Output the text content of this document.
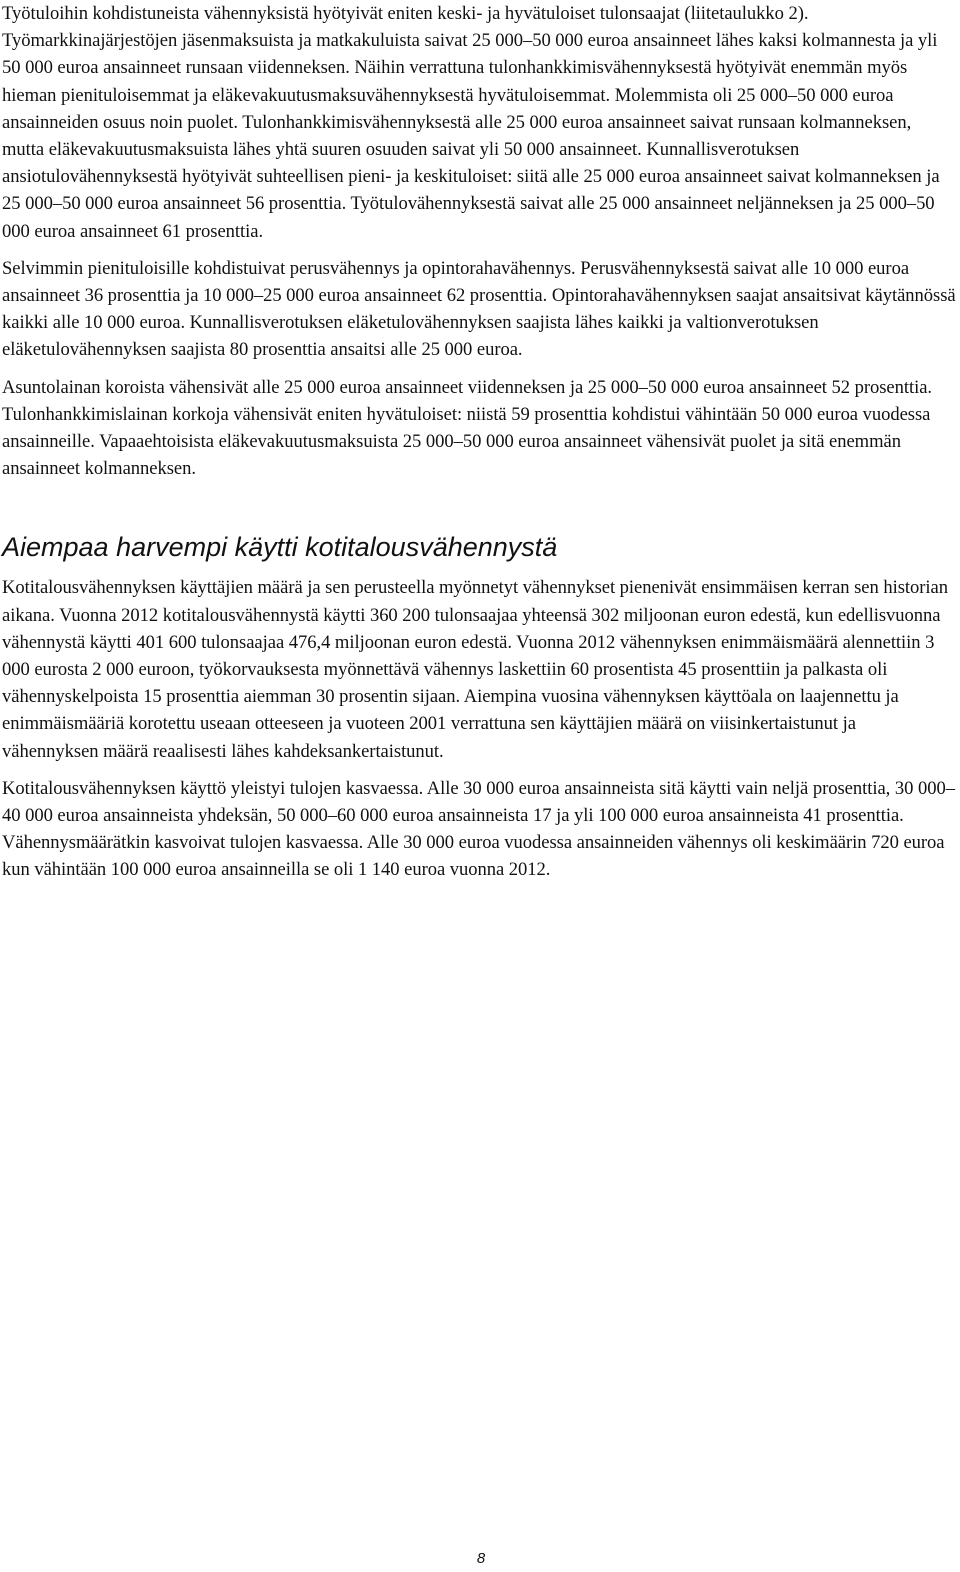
Työtuloihin kohdistuneista vähennyksistä hyötyivät eniten keski- ja hyvätuloiset tulonsaajat (liitetaulukko 2). Työmarkkinajärjestöjen jäsenmaksuista ja matkakuluista saivat 25 000–50 000 euroa ansainneet lähes kaksi kolmannesta ja yli 50 000 euroa ansainneet runsaan viidenneksen. Näihin verrattuna tulonhankkimisvähennyksestä hyötyivät enemmän myös hieman pienituloisemmat ja eläkevakuutusmaksuvähennyksestä hyvätuloisemmat. Molemmista oli 25 000–50 000 euroa ansainneiden osuus noin puolet. Tulonhankkimisvähennyksestä alle 25 000 euroa ansainneet saivat runsaan kolmanneksen, mutta eläkevakuutusmaksuista lähes yhtä suuren osuuden saivat yli 50 000 ansainneet. Kunnallisverotuksen ansiotulovähennyksestä hyötyivät suhteellisen pieni- ja keskituloiset: siitä alle 25 000 euroa ansainneet saivat kolmanneksen ja 25 000–50 000 euroa ansainneet 56 prosenttia. Työtulovähennyksestä saivat alle 25 000 ansainneet neljänneksen ja 25 000–50 000 euroa ansainneet 61 prosenttia.

Selvimmin pienituloisille kohdistuivat perusvähennys ja opintorahavähennys. Perusvähennyksestä saivat alle 10 000 euroa ansainneet 36 prosenttia ja 10 000–25 000 euroa ansainneet 62 prosenttia. Opintorahavähennyksen saajat ansaitsivat käytännössä kaikki alle 10 000 euroa. Kunnallisverotuksen eläketulovähennyksen saajista lähes kaikki ja valtionverotuksen eläketulovähennyksen saajista 80 prosenttia ansaitsi alle 25 000 euroa.

Asuntolainan koroista vähensivät alle 25 000 euroa ansainneet viidenneksen ja 25 000–50 000 euroa ansainneet 52 prosenttia. Tulonhankkimislainan korkoja vähensivät eniten hyvätuloiset: niistä 59 prosenttia kohdistui vähintään 50 000 euroa vuodessa ansainneille. Vapaaehtoisista eläkevakuutusmaksuista 25 000–50 000 euroa ansainneet vähensivät puolet ja sitä enemmän ansainneet kolmanneksen.

Aiempaa harvempi käytti kotitalousvähennystä

Kotitalousvähennyksen käyttäjien määrä ja sen perusteella myönnetyt vähennykset pienenivät ensimmäisen kerran sen historian aikana. Vuonna 2012 kotitalousvähennystä käytti 360 200 tulonsaajaa yhteensä 302 miljoonan euron edestä, kun edellisvuonna vähennystä käytti 401 600 tulonsaajaa 476,4 miljoonan euron edestä. Vuonna 2012 vähennyksen enimmäismäärä alennettiin 3 000 eurosta 2 000 euroon, työkorvauksesta myönnettävä vähennys laskettiin 60 prosentista 45 prosenttiin ja palkasta oli vähennyskelpoista 15 prosenttia aiemman 30 prosentin sijaan. Aiempina vuosina vähennyksen käyttöala on laajennettu ja enimmäismääriä korotettu useaan otteeseen ja vuoteen 2001 verrattuna sen käyttäjien määrä on viisinkertaistunut ja vähennyksen määrä reaalisesti lähes kahdeksankertaistunut.

Kotitalousvähennyksen käyttö yleistyi tulojen kasvaessa. Alle 30 000 euroa ansainneista sitä käytti vain neljä prosenttia, 30 000–40 000 euroa ansainneista yhdeksän, 50 000–60 000 euroa ansainneista 17 ja yli 100 000 euroa ansainneista 41 prosenttia. Vähennysmäärätkin kasvoivat tulojen kasvaessa. Alle 30 000 euroa vuodessa ansainneiden vähennys oli keskimäärin 720 euroa kun vähintään 100 000 euroa ansainneilla se oli 1 140 euroa vuonna 2012.

8
